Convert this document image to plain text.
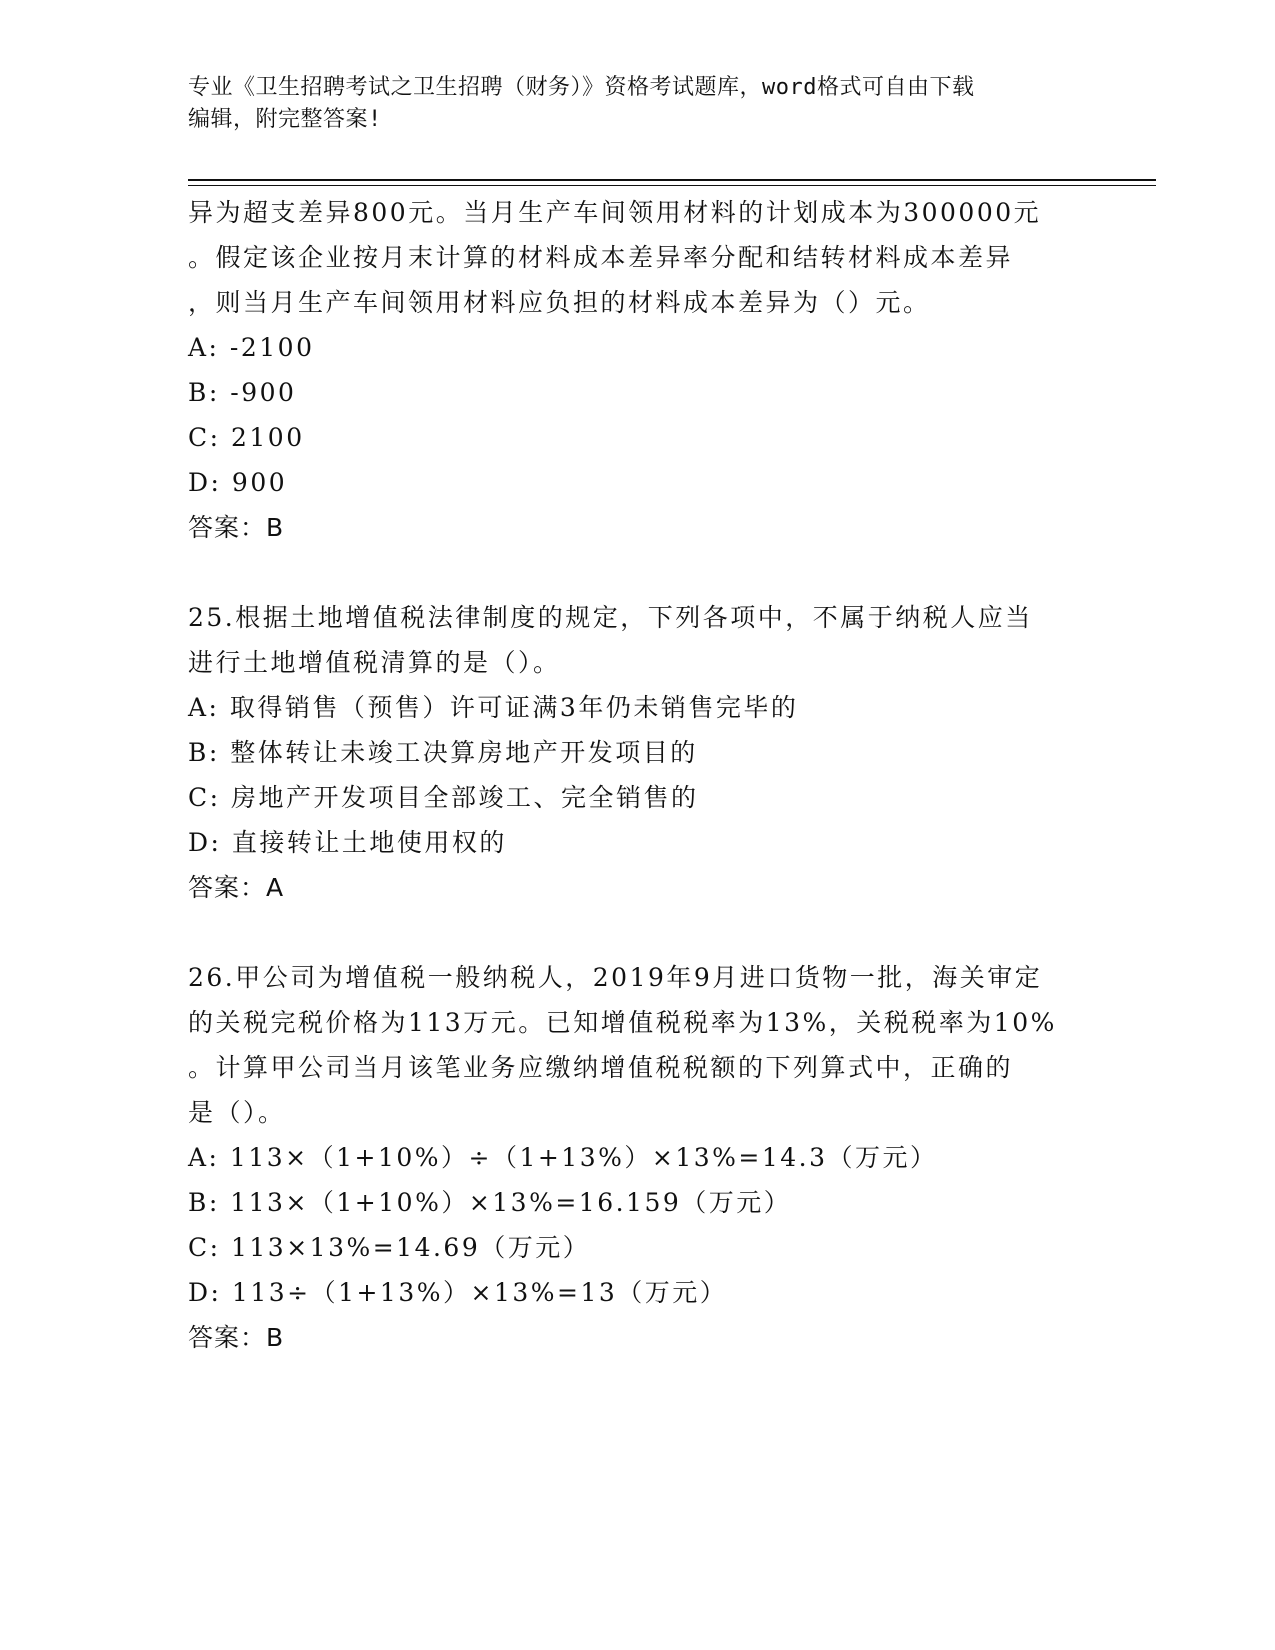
专业《卫生招聘考试之卫生招聘（财务）》资格考试题库，word格式可自由下载
编辑，附完整答案!
异为超支差异800元。当月生产车间领用材料的计划成本为300000元
。假定该企业按月末计算的材料成本差异率分配和结转材料成本差异
，则当月生产车间领用材料应负担的材料成本差异为（）元。
A: -2100
B: -900
C: 2100
D: 900
答案：B
25.根据土地增值税法律制度的规定，下列各项中，不属于纳税人应当
进行土地增值税清算的是（）。
A: 取得销售（预售）许可证满3年仍未销售完毕的
B: 整体转让未竣工决算房地产开发项目的
C: 房地产开发项目全部竣工、完全销售的
D: 直接转让土地使用权的
答案：A
26.甲公司为增值税一般纳税人，2019年9月进口货物一批，海关审定
的关税完税价格为113万元。已知增值税税率为13%，关税税率为10%
。计算甲公司当月该笔业务应缴纳增值税税额的下列算式中，正确的
是（）。
A: 113×（1+10%）÷（1+13%）×13%=14.3（万元）
B: 113×（1+10%）×13%=16.159（万元）
C: 113×13%=14.69（万元）
D: 113÷（1+13%）×13%=13（万元）
答案：B
